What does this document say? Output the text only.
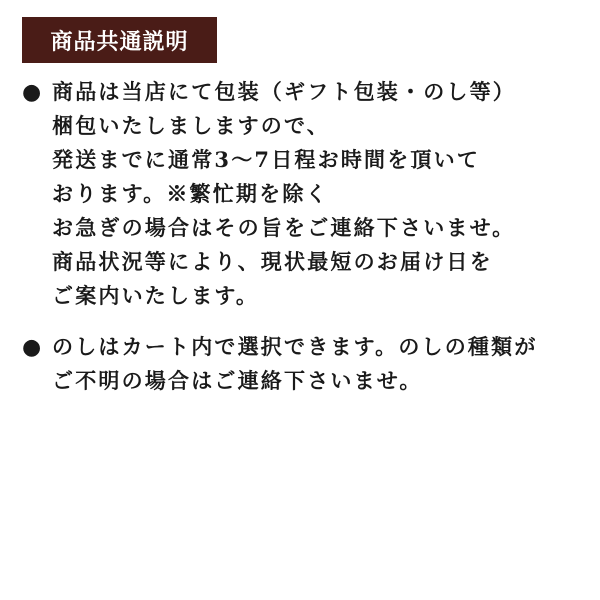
商品共通説明
● 商品は当店にて包装（ギフト包装・のし等）
梱包いたしましますので、
発送までに通常3〜7日程お時間を頂いて
おります。※繁忙期を除く
お急ぎの場合はその旨をご連絡下さいませ。
商品状況等により、現状最短のお届け日を
ご案内いたします。
● のしはカート内で選択できます。のしの種類が
ご不明の場合はご連絡下さいませ。
